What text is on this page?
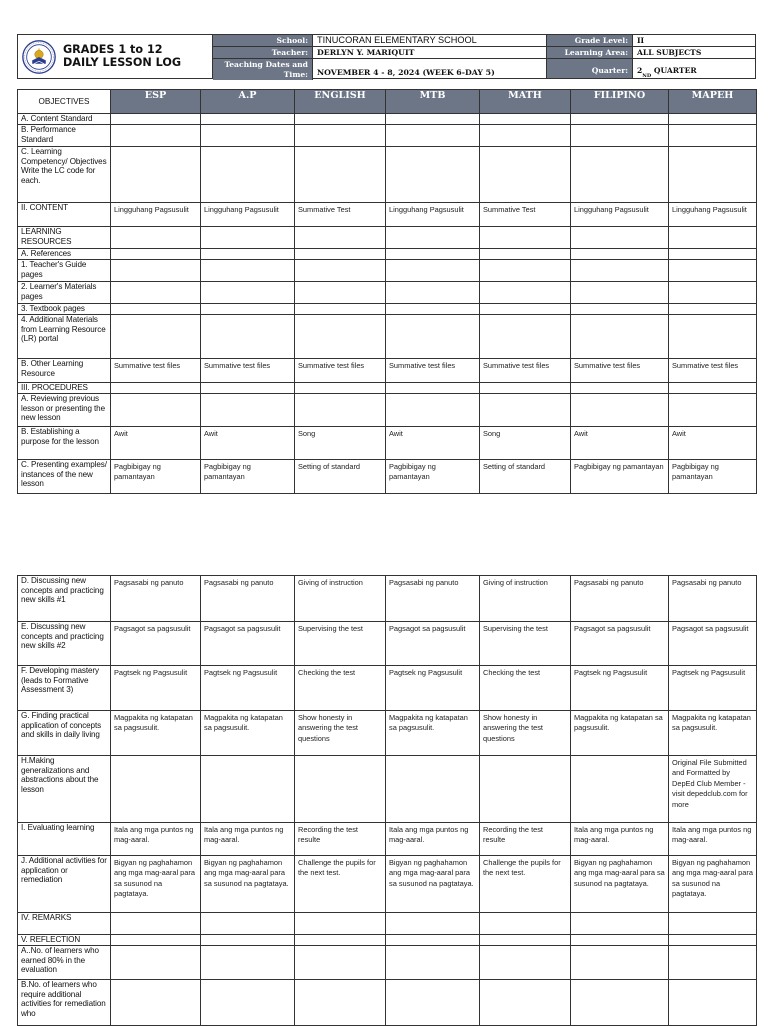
GRADES 1 to 12
DAILY LESSON LOG
School: TINUCORAN ELEMENTARY SCHOOL
Teacher:	DERLYN Y. MARIQUIT
Teaching Dates and
Time:	NOVEMBER 4 - 8, 2024 (WEEK 6-DAY 5)
Grade Level:	II
Learning Area:	ALL SUBJECTS
Quarter:	2
ND

QUARTER
OBJECTIVES	ESP	A.P	ENGLISH	MTB	MATH	FILIPINO	MAPEH
A. Content Standard							
B. Performance Standard							
C. Learning Competency/ Objectives Write the LC code for each.							
II. CONTENT	Lingguhang Pagsusulit	Lingguhang Pagsusulit	Summative Test	Lingguhang Pagsusulit	Summative Test	Lingguhang Pagsusulit	Lingguhang Pagsusulit
LEARNING RESOURCES							
A. References							
1. Teacher's Guide pages							
2. Learner's Materials pages							
3. Textbook pages							
4. Additional Materials from Learning Resource (LR) portal							
B. Other Learning Resource	Summative test files	Summative test files	Summative test files	Summative test files	Summative test files	Summative test files	Summative test files
III. PROCEDURES							
A. Reviewing previous lesson or presenting the new lesson							
B. Establishing a purpose for the lesson	Awit	Awit	Song	Awit	Song	Awit	Awit
C. Presenting examples/ instances of the new lesson	Pagbibigay ng pamantayan	Pagbibigay ng pamantayan	Setting of standard	Pagbibigay ng pamantayan	Setting of standard	Pagbibigay ng pamantayan	Pagbibigay ng pamantayan
D. Discussing new concepts and practicing new skills #1	Pagsasabi ng panuto	Pagsasabi ng panuto	Giving of instruction	Pagsasabi ng panuto	Giving of instruction	Pagsasabi ng panuto	Pagsasabi ng panuto
E. Discussing new concepts and practicing new skills #2	Pagsagot sa pagsusulit	Pagsagot sa pagsusulit	Supervising the test	Pagsagot sa pagsusulit	Supervising the test	Pagsagot sa pagsusulit	Pagsagot sa pagsusulit
F. Developing mastery (leads to Formative Assessment 3)	Pagtsek ng Pagsusulit	Pagtsek ng Pagsusulit	Checking the test	Pagtsek ng Pagsusulit	Checking the test	Pagtsek ng Pagsusulit	Pagtsek ng Pagsusulit
G. Finding practical application of concepts and skills in daily living	Magpakita ng katapatan sa pagsusulit.	Magpakita ng katapatan sa pagsusulit.	Show honesty in answering the test questions	Magpakita ng katapatan sa pagsusulit.	Show honesty in answering the test questions	Magpakita ng katapatan sa pagsusulit.	Magpakita ng katapatan sa pagsusulit.
H.Making generalizations and abstractions about the lesson							Original File Submitted and Formatted by DepEd Club Member - visit depedclub.com for more
I. Evaluating learning	Itala ang mga puntos ng mag-aaral.	Itala ang mga puntos ng mag-aaral.	Recording the test resulte	Itala ang mga puntos ng mag-aaral.	Recording the test resulte	Itala ang mga puntos ng mag-aaral.	Itala ang mga puntos ng mag-aaral.
J. Additional activities for application or remediation	Bigyan ng paghahamon ang mga mag-aaral para sa susunod na pagtataya.	Bigyan ng paghahamon ang mga mag-aaral para sa susunod na pagtataya.	Challenge the pupils for the next test.	Bigyan ng paghahamon ang mga mag-aaral para sa susunod na pagtataya.	Challenge the pupils for the next test.	Bigyan ng paghahamon ang mga mag-aaral para sa susunod na pagtataya.	Bigyan ng paghahamon ang mga mag-aaral para sa susunod na pagtataya.
IV. REMARKS							
V. REFLECTION							
A..No. of learners who earned 80% in the evaluation							
B.No. of learners who require additional activities for remediation who							
